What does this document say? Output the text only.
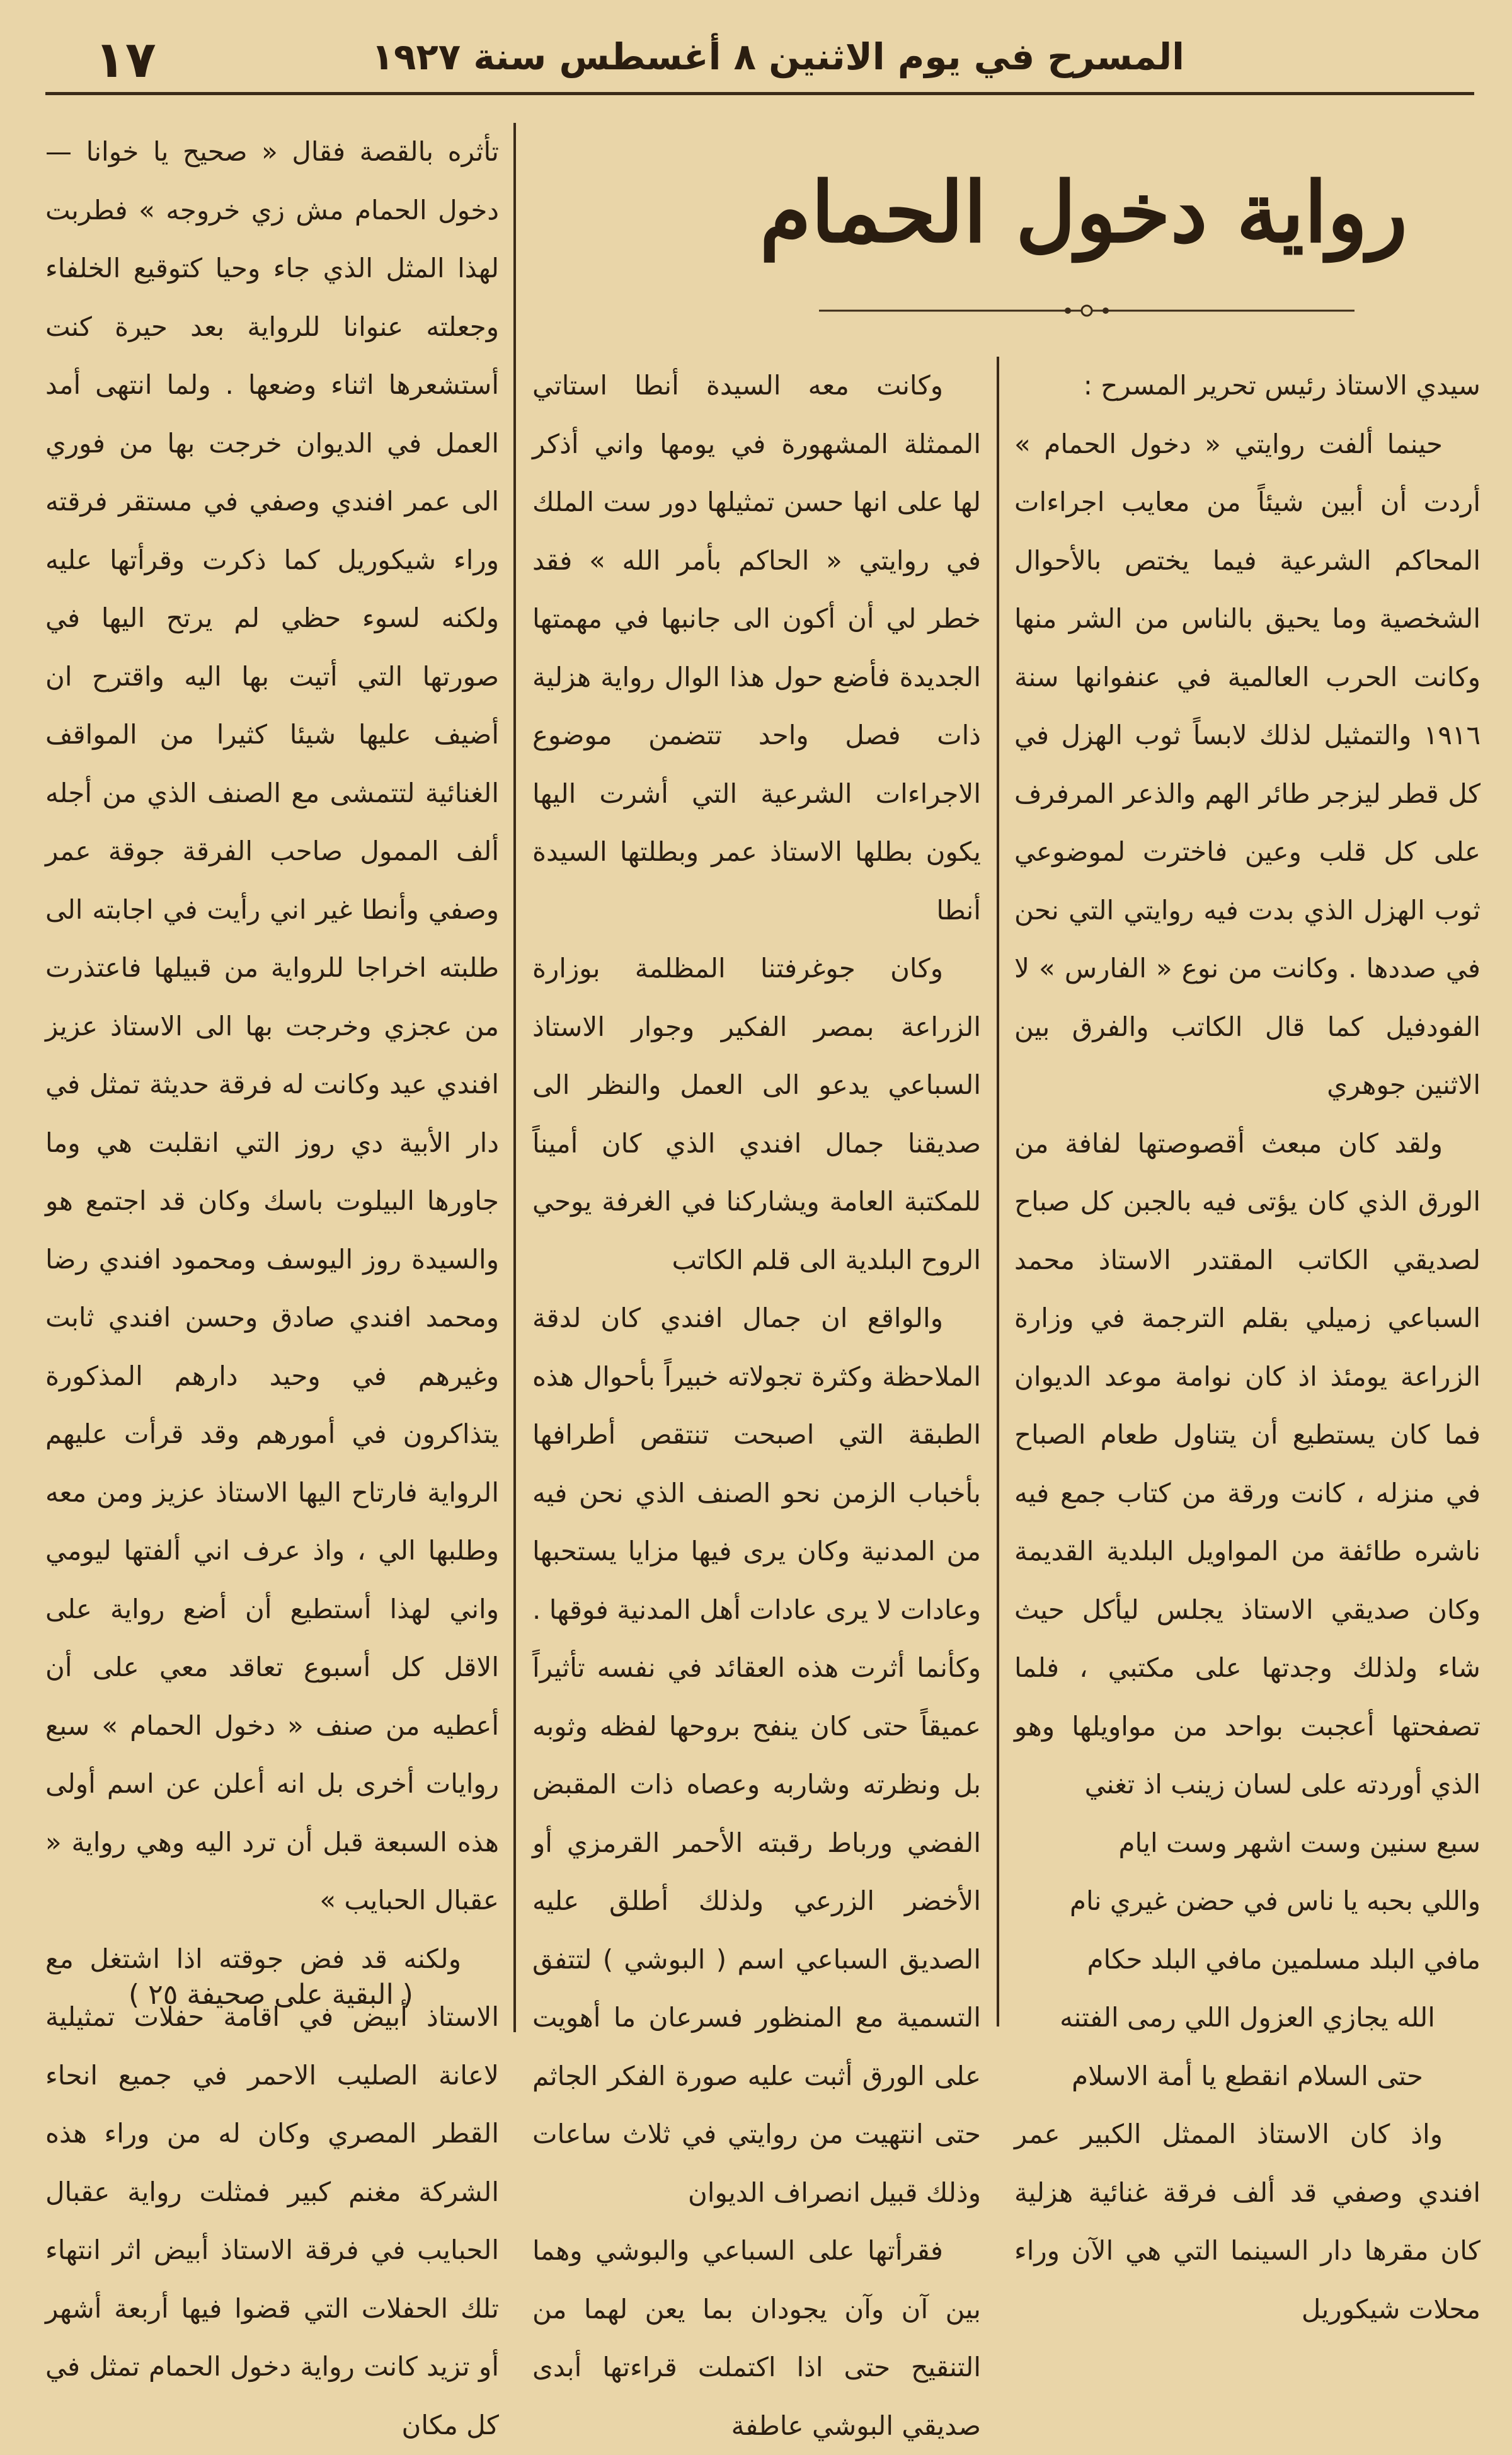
١٧	المسرح في يوم الاثنين ٨ أغسطس سنة ١٩٢٧
رواية دخول الحمام

سيدي الاستاذ رئيس تحرير المسرح :

حينما ألفت روايتي « دخول الحمام » أردت أن أبين شيئاً من معايب اجراءات المحاكم الشرعية فيما يختص بالأحوال الشخصية وما يحيق بالناس من الشر منها وكانت الحرب العالمية في عنفوانها سنة ١٩١٦ والتمثيل لذلك لابساً ثوب الهزل في كل قطر ليزجر طائر الهم والذعر المرفرف على كل قلب وعين فاخترت لموضوعي ثوب الهزل الذي بدت فيه روايتي التي نحن في صددها . وكانت من نوع « الفارس » لا الفودفيل كما قال الكاتب والفرق بين الاثنين جوهري

ولقد كان مبعث أقصوصتها لفافة من الورق الذي كان يؤتى فيه بالجبن كل صباح لصديقي الكاتب المقتدر الاستاذ محمد السباعي زميلي بقلم الترجمة في وزارة الزراعة يومئذ اذ كان نوامة موعد الديوان فما كان يستطيع أن يتناول طعام الصباح في منزله ، كانت ورقة من كتاب جمع فيه ناشره طائفة من المواويل البلدية القديمة وكان صديقي الاستاذ يجلس ليأكل حيث شاء ولذلك وجدتها على مكتبي ، فلما تصفحتها أعجبت بواحد من مواويلها وهو الذي أوردته على لسان زينب اذ تغني

سبع سنين وست اشهر وست ايام

واللي بحبه يا ناس في حضن غيري نام

مافي البلد مسلمين مافي البلد حكام

الله يجازي العزول اللي رمى الفتنه

حتى السلام انقطع يا أمة الاسلام

واذ كان الاستاذ الممثل الكبير عمر افندي وصفي قد ألف فرقة غنائية هزلية كان مقرها دار السينما التي هي الآن وراء محلات شيكوريل

وكانت معه السيدة أنطا استاتي الممثلة المشهورة في يومها واني أذكر لها على انها حسن تمثيلها دور ست الملك في روايتي « الحاكم بأمر الله » فقد خطر لي أن أكون الى جانبها في مهمتها الجديدة فأضع حول هذا الوال رواية هزلية ذات فصل واحد تتضمن موضوع الاجراءات الشرعية التي أشرت اليها يكون بطلها الاستاذ عمر وبطلتها السيدة أنطا

وكان جوغرفتنا المظلمة بوزارة الزراعة بمصر الفكير وجوار الاستاذ السباعي يدعو الى العمل والنظر الى صديقنا جمال افندي الذي كان أميناً للمكتبة العامة ويشاركنا في الغرفة يوحي الروح البلدية الى قلم الكاتب

والواقع ان جمال افندي كان لدقة الملاحظة وكثرة تجولاته خبيراً بأحوال هذه الطبقة التي اصبحت تنتقص أطرافها بأخباب الزمن نحو الصنف الذي نحن فيه من المدنية وكان يرى فيها مزايا يستحبها وعادات لا يرى عادات أهل المدنية فوقها . وكأنما أثرت هذه العقائد في نفسه تأثيراً عميقاً حتى كان ينفح بروحها لفظه وثوبه بل ونظرته وشاربه وعصاه ذات المقبض الفضي ورباط رقبته الأحمر القرمزي أو الأخضر الزرعي ولذلك أطلق عليه الصديق السباعي اسم ( البوشي ) لتتفق التسمية مع المنظور فسرعان ما أهويت على الورق أثبت عليه صورة الفكر الجاثم حتى انتهيت من روايتي في ثلاث ساعات وذلك قبيل انصراف الديوان

فقرأتها على السباعي والبوشي وهما بين آن وآن يجودان بما يعن لهما من التنقيح حتى اذا اكتملت قراءتها أبدى صديقي البوشي عاطفة

تأثره بالقصة فقال « صحيح يا خوانا — دخول الحمام مش زي خروجه » فطربت لهذا المثل الذي جاء وحيا كتوقيع الخلفاء وجعلته عنوانا للرواية بعد حيرة كنت أستشعرها اثناء وضعها . ولما انتهى أمد العمل في الديوان خرجت بها من فوري الى عمر افندي وصفي في مستقر فرقته وراء شيكوريل كما ذكرت وقرأتها عليه ولكنه لسوء حظي لم يرتح اليها في صورتها التي أتيت بها اليه واقترح ان أضيف عليها شيئا كثيرا من المواقف الغنائية لتتمشى مع الصنف الذي من أجله ألف الممول صاحب الفرقة جوقة عمر وصفي وأنطا غير اني رأيت في اجابته الى طلبته اخراجا للرواية من قبيلها فاعتذرت من عجزي وخرجت بها الى الاستاذ عزيز افندي عيد وكانت له فرقة حديثة تمثل في دار الأبية دي روز التي انقلبت هي وما جاورها البيلوت باسك وكان قد اجتمع هو والسيدة روز اليوسف ومحمود افندي رضا ومحمد افندي صادق وحسن افندي ثابت وغيرهم في وحيد دارهم المذكورة يتذاكرون في أمورهم وقد قرأت عليهم الرواية فارتاح اليها الاستاذ عزيز ومن معه وطلبها الي ، واذ عرف اني ألفتها ليومي واني لهذا أستطيع أن أضع رواية على الاقل كل أسبوع تعاقد معي على أن أعطيه من صنف « دخول الحمام » سبع روايات أخرى بل انه أعلن عن اسم أولى هذه السبعة قبل أن ترد اليه وهي رواية « عقبال الحبايب »

ولكنه قد فض جوقته اذا اشتغل مع الاستاذ أبيض في اقامة حفلات تمثيلية لاعانة الصليب الاحمر في جميع انحاء القطر المصري وكان له من وراء هذه الشركة مغنم كبير فمثلت رواية عقبال الحبايب في فرقة الاستاذ أبيض اثر انتهاء تلك الحفلات التي قضوا فيها أربعة أشهر أو تزيد كانت رواية دخول الحمام تمثل في كل مكان

( البقية على صحيفة ٢٥ )
